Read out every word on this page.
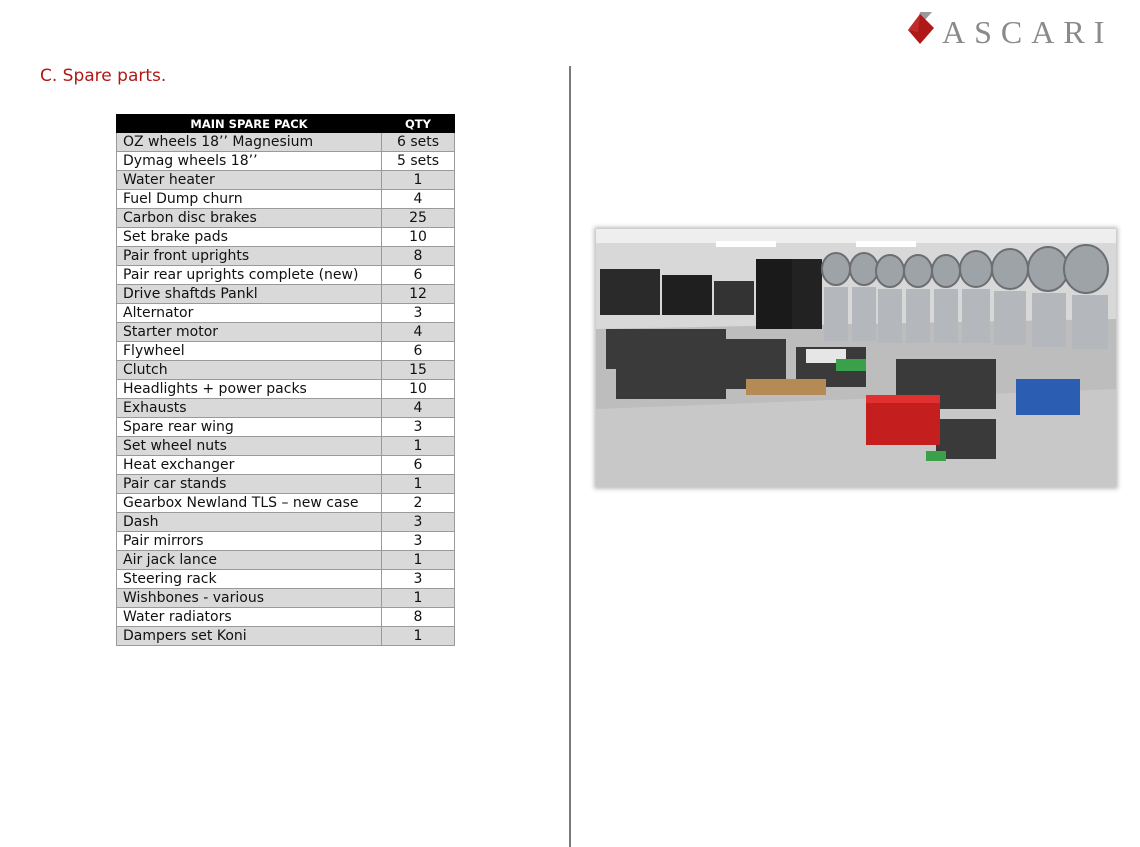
ASCARI
C. Spare parts.
MAIN SPARE PACK	QTY
OZ wheels 18’’ Magnesium	6 sets
Dymag wheels 18’’	5 sets
Water heater	1
Fuel Dump churn	4
Carbon disc brakes	25
Set brake pads	10
Pair front uprights	8
Pair rear uprights complete (new)	6
Drive shaftds Pankl	12
Alternator	3
Starter motor	4
Flywheel	6
Clutch	15
Headlights + power packs	10
Exhausts	4
Spare rear wing	3
Set wheel nuts	1
Heat exchanger	6
Pair car stands	1
Gearbox Newland TLS – new case	2
Dash	3
Pair mirrors	3
Air jack lance	1
Steering rack	3
Wishbones - various	1
Water radiators	8
Dampers set Koni	1
